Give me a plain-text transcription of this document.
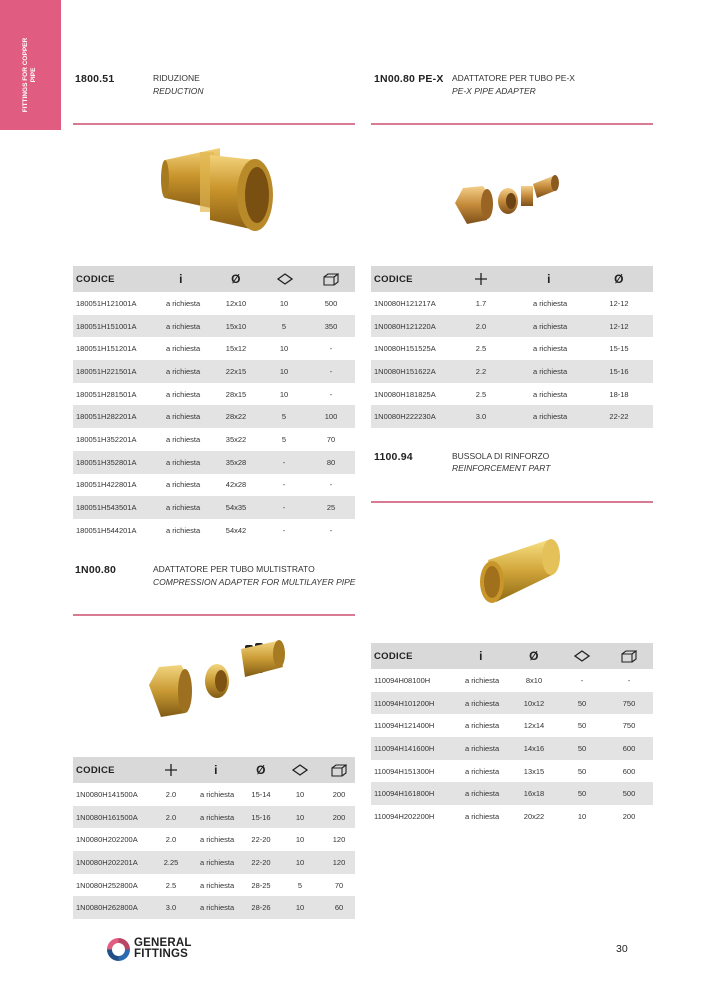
FITTINGS FOR COPPER PIPE	1800.51	RIDUZIONE
REDUCTION
CODICE	i	Ø
180051H121001A	a richiesta	12x10	10	500
180051H151001A	a richiesta	15x10	5	350
180051H151201A	a richiesta	15x12	10	-
180051H221501A	a richiesta	22x15	10	-
180051H281501A	a richiesta	28x15	10	-
180051H282201A	a richiesta	28x22	5	100
180051H352201A	a richiesta	35x22	5	70
180051H352801A	a richiesta	35x28	-	80
180051H422801A	a richiesta	42x28	-	-
180051H543501A	a richiesta	54x35	-	25
180051H544201A	a richiesta	54x42	-	-
1N00.80 PE-X ADATTATORE PER TUBO PE-X
PE-X PIPE ADAPTER
CODICE	i	Ø
1N0080H121217A	1.7	a richiesta	12-12
1N0080H121220A	2.0	a richiesta	12-12
1N0080H151525A	2.5	a richiesta	15-15
1N0080H151622A	2.2	a richiesta	15-16
1N0080H181825A	2.5	a richiesta	18-18
1N0080H222230A	3.0	a richiesta	22-22
1100.94	BUSSOLA DI RINFORZO
REINFORCEMENT PART
CODICE	i	Ø
110094H08100H	a richiesta	8x10	-	-
110094H101200H	a richiesta	10x12	50	750
110094H121400H	a richiesta	12x14	50	750
110094H141600H	a richiesta	14x16	50	600
110094H151300H	a richiesta	13x15	50	600
110094H161800H	a richiesta	16x18	50	500
110094H202200H	a richiesta	20x22	10	200
1N00.80	ADATTATORE PER TUBO MULTISTRATO
COMPRESSION ADAPTER FOR MULTILAYER PIPE
CODICE	i	Ø
1N0080H141500A	2.0	a richiesta 15-14	10	200
1N0080H161500A	2.0	a richiesta 15-16	10	200
1N0080H202200A	2.0	a richiesta 22-20	10	120
1N0080H202201A	2.25	a richiesta 22-20	10	120
1N0080H252800A	2.5	a richiesta 28-25	5	70
1N0080H262800A	3.0	a richiesta 28-26	10	60
GENERAL
FITTINGS	30
